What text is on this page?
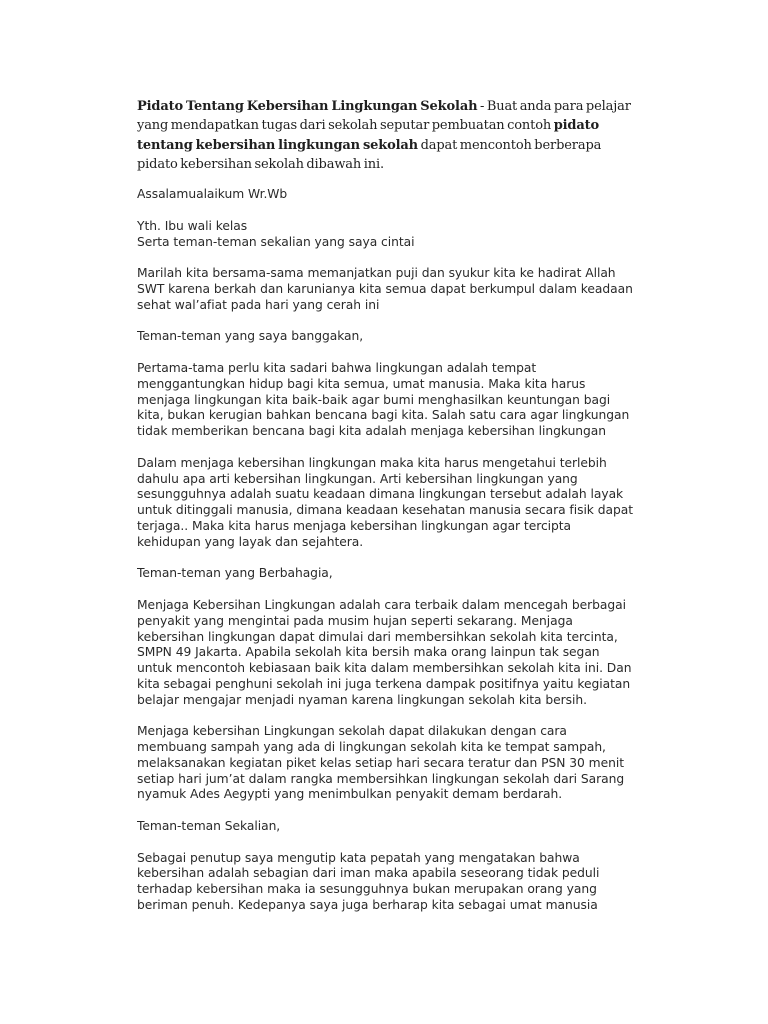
Pidato Tentang Kebersihan Lingkungan Sekolah - Buat anda para pelajar yang mendapatkan tugas dari sekolah seputar pembuatan contoh pidato tentang kebersihan lingkungan sekolah dapat mencontoh berberapa pidato kebersihan sekolah dibawah ini.

Assalamualaikum Wr.Wb

Yth. Ibu wali kelas
Serta teman-teman sekalian yang saya cintai

Marilah kita bersama-sama memanjatkan puji dan syukur kita ke hadirat Allah SWT karena berkah dan karunianya kita semua dapat berkumpul dalam keadaan sehat wal’afiat pada hari yang cerah ini

Teman-teman yang saya banggakan,

Pertama-tama perlu kita sadari bahwa lingkungan adalah tempat menggantungkan hidup bagi kita semua, umat manusia. Maka kita harus menjaga lingkungan kita baik-baik agar bumi menghasilkan keuntungan bagi kita, bukan kerugian bahkan bencana bagi kita. Salah satu cara agar lingkungan tidak memberikan bencana bagi kita adalah menjaga kebersihan lingkungan

Dalam menjaga kebersihan lingkungan maka kita harus mengetahui terlebih dahulu apa arti kebersihan lingkungan. Arti kebersihan lingkungan yang sesungguhnya adalah suatu keadaan dimana lingkungan tersebut adalah layak untuk ditinggali manusia, dimana keadaan kesehatan manusia secara fisik dapat terjaga.. Maka kita harus menjaga kebersihan lingkungan agar tercipta kehidupan yang layak dan sejahtera.

Teman-teman yang Berbahagia,

Menjaga Kebersihan Lingkungan adalah cara terbaik dalam mencegah berbagai penyakit yang mengintai pada musim hujan seperti sekarang. Menjaga kebersihan lingkungan dapat dimulai dari membersihkan sekolah kita tercinta, SMPN 49 Jakarta. Apabila sekolah kita bersih maka orang lainpun tak segan untuk mencontoh kebiasaan baik kita dalam membersihkan sekolah kita ini. Dan kita sebagai penghuni sekolah ini juga terkena dampak positifnya yaitu kegiatan belajar mengajar menjadi nyaman karena lingkungan sekolah kita bersih.

Menjaga kebersihan Lingkungan sekolah dapat dilakukan dengan cara membuang sampah yang ada di lingkungan sekolah kita ke tempat sampah, melaksanakan kegiatan piket kelas setiap hari secara teratur dan PSN 30 menit setiap hari jum’at dalam rangka membersihkan lingkungan sekolah dari Sarang nyamuk Ades Aegypti yang menimbulkan penyakit demam berdarah.

Teman-teman Sekalian,

Sebagai penutup saya mengutip kata pepatah yang mengatakan bahwa kebersihan adalah sebagian dari iman maka apabila seseorang tidak peduli terhadap kebersihan maka ia sesungguhnya bukan merupakan orang yang beriman penuh. Kedepanya saya juga berharap kita sebagai umat manusia
